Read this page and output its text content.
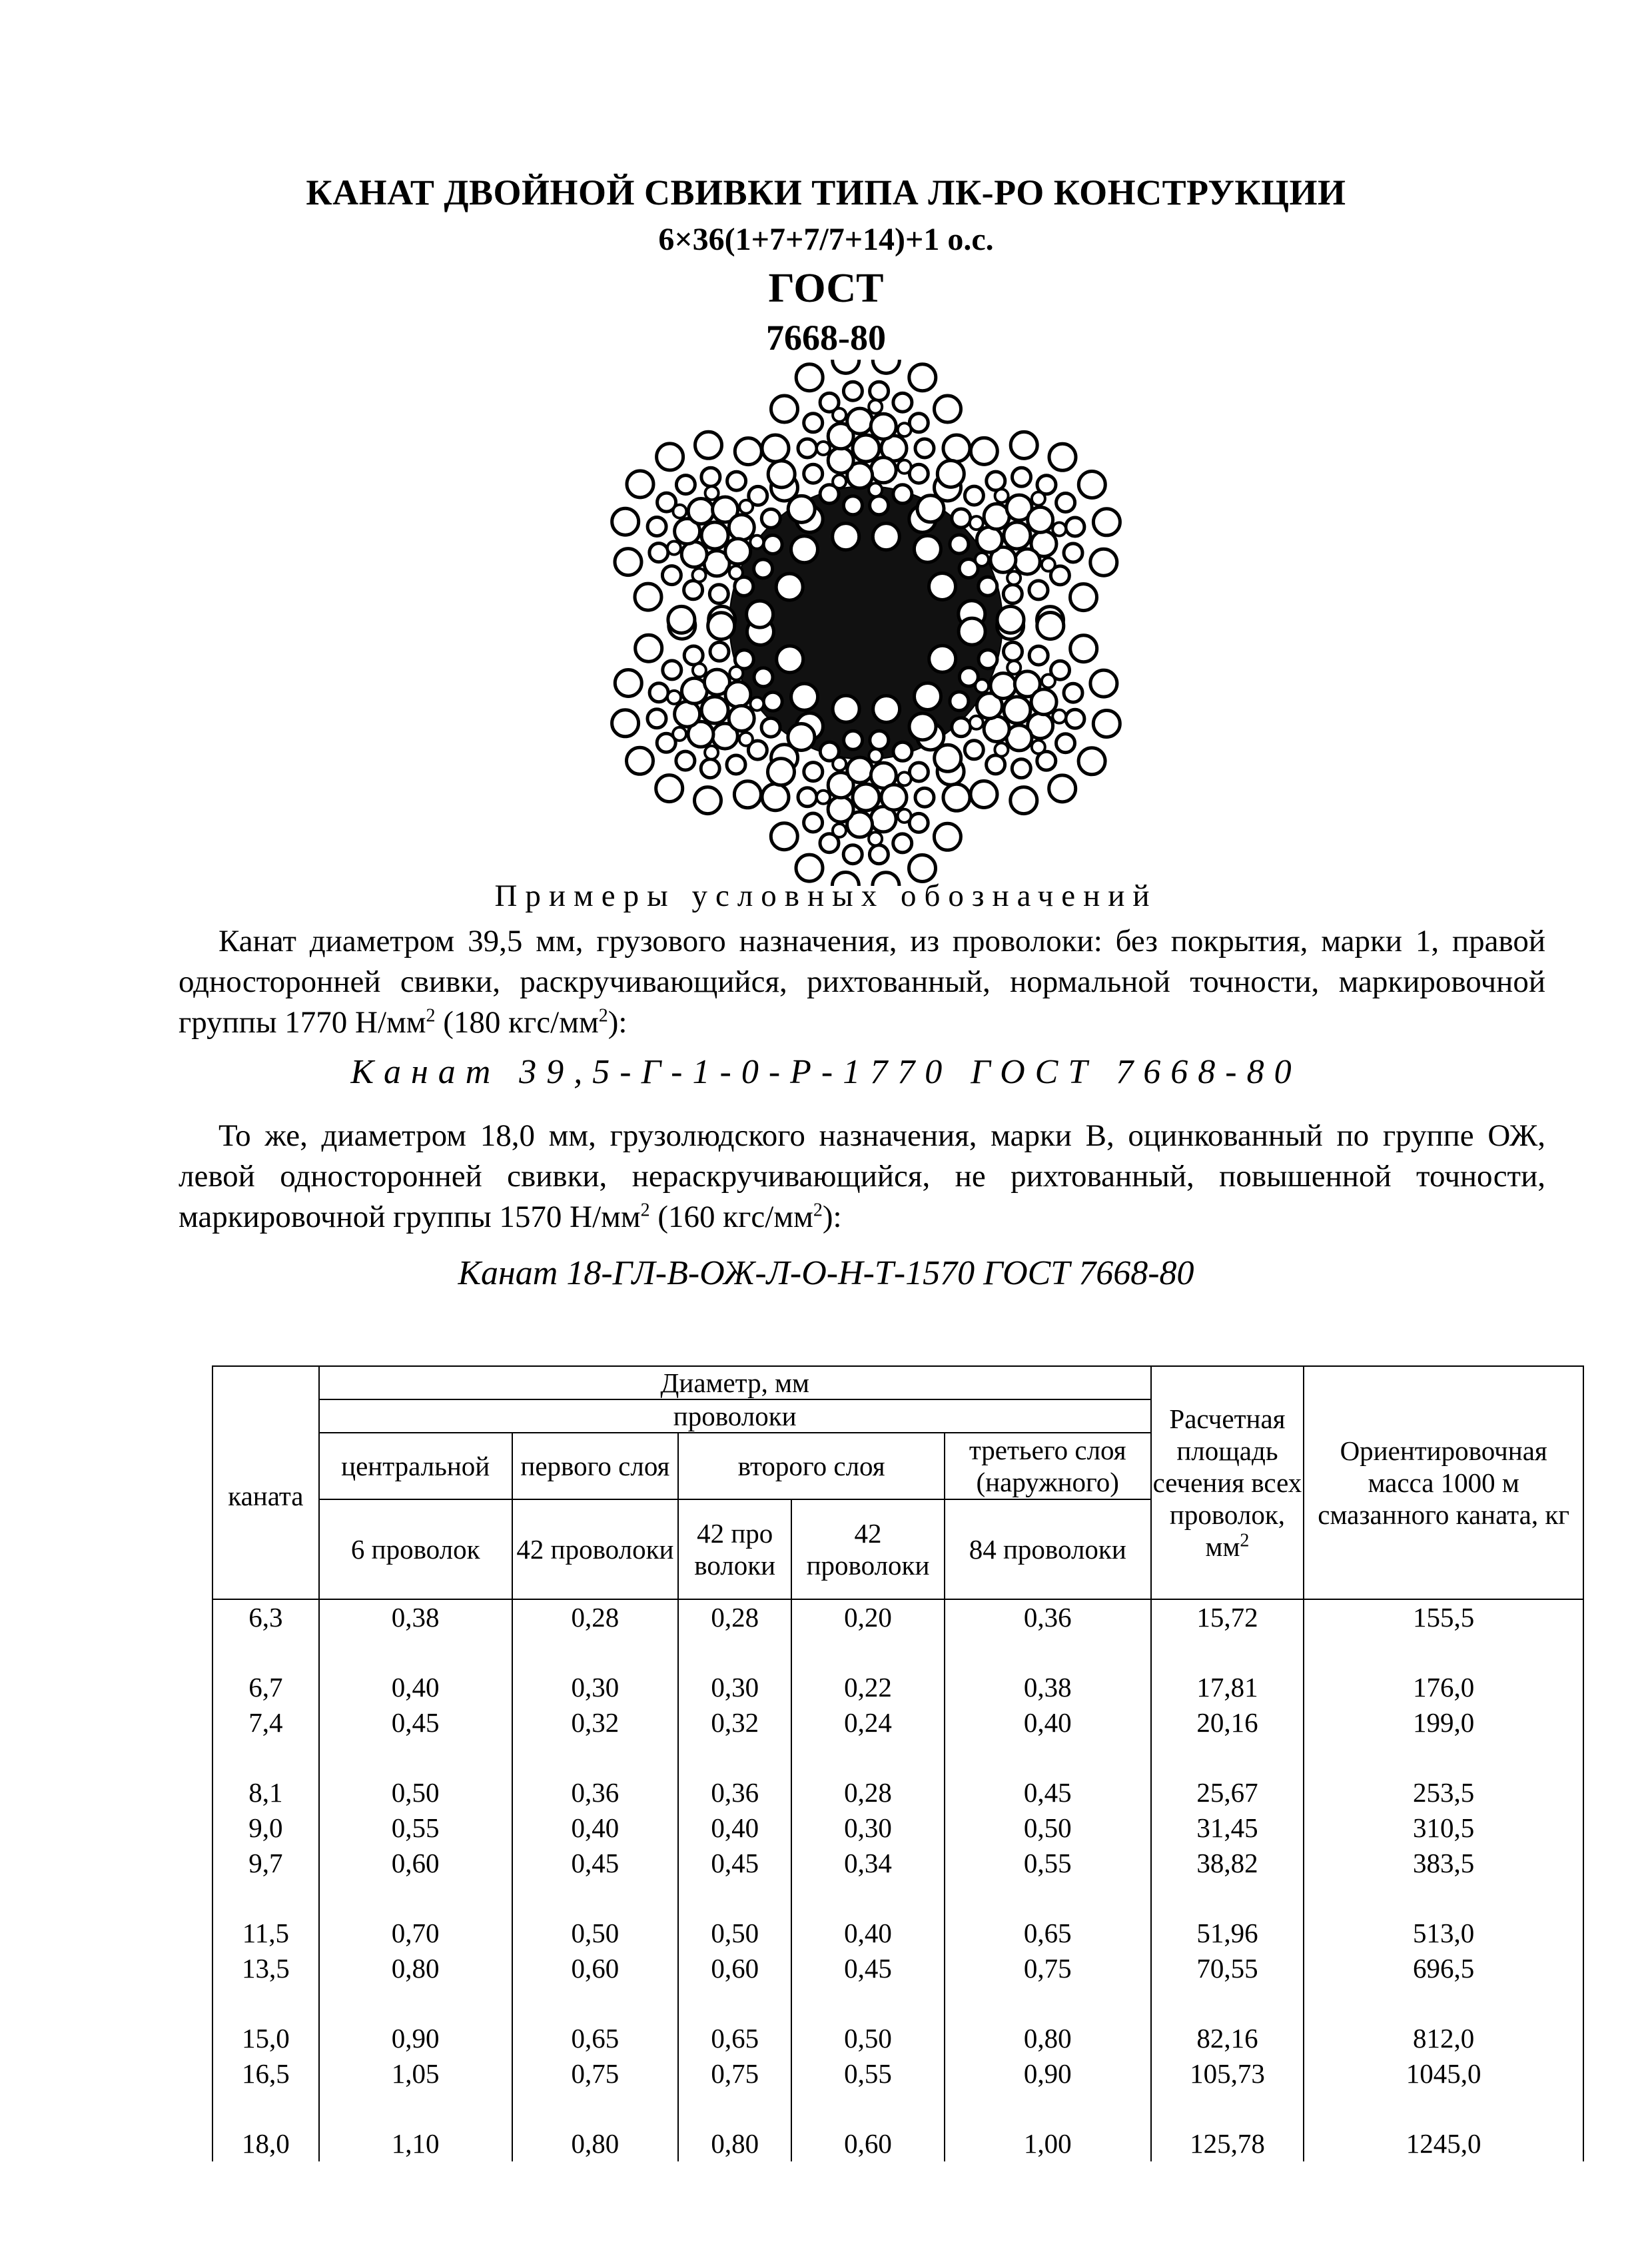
КАНАТ ДВОЙНОЙ СВИВКИ ТИПА ЛК-РО КОНСТРУКЦИИ
6×36(1+7+7/7+14)+1 о.с.
ГОСТ
7668-80
Примеры условных обозначений

Канат диаметром 39,5 мм, грузового назначения, из проволоки: без покрытия, марки 1, правой односторонней свивки, раскручивающийся, рихтованный, нормальной точности, маркировочной группы 1770 $Н/мм^2$ (180 кгс/$мм^2$):

Канат 39,5-Г-1-0-Р-1770 ГОСТ 7668-80

То же, диаметром 18,0 мм, грузолюдского назначения, марки В, оцинкованный по группе ОЖ, левой односторонней свивки, нераскручивающийся, не рихтованный, повышенной точности, маркировочной группы 1570 $Н/мм^2$ (160 кгс/$мм^2$):

Канат 18-ГЛ-В-ОЖ-Л-О-Н-Т-1570 ГОСТ 7668-80
каната	Диаметр, мм					Расчетная площадь сечения всех проволок, $мм^2$	Ориентировочная масса 1000 м смазанного каната, кг
	проволоки						
	центральной	первого слоя	второго слоя		третьего слоя (наружного)		
	6 проволок	42 проволоки	42 про волоки	42 проволоки	84 проволоки		
6,3	0,38	0,28	0,28	0,20	0,36	15,72	155,5

6,7	0,40	0,30	0,30	0,22	0,38	17,81	176,0
7,4	0,45	0,32	0,32	0,24	0,40	20,16	199,0

8,1	0,50	0,36	0,36	0,28	0,45	25,67	253,5
9,0	0,55	0,40	0,40	0,30	0,50	31,45	310,5
9,7	0,60	0,45	0,45	0,34	0,55	38,82	383,5

11,5	0,70	0,50	0,50	0,40	0,65	51,96	513,0
13,5	0,80	0,60	0,60	0,45	0,75	70,55	696,5

15,0	0,90	0,65	0,65	0,50	0,80	82,16	812,0
16,5	1,05	0,75	0,75	0,55	0,90	105,73	1045,0

18,0	1,10	0,80	0,80	0,60	1,00	125,78	1245,0
